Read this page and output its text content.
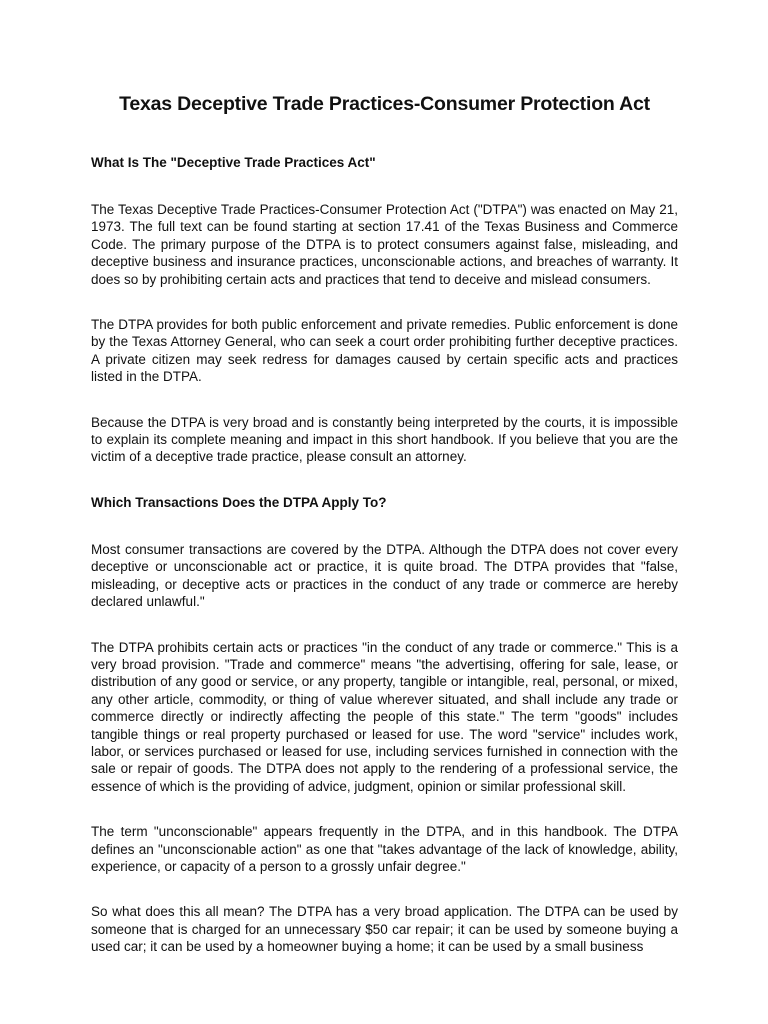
Texas Deceptive Trade Practices-Consumer Protection Act
What Is The "Deceptive Trade Practices Act"

The Texas Deceptive Trade Practices-Consumer Protection Act ("DTPA") was enacted on May 21, 1973. The full text can be found starting at section 17.41 of the Texas Business and Commerce Code. The primary purpose of the DTPA is to protect consumers against false, misleading, and deceptive business and insurance practices, unconscionable actions, and breaches of warranty. It does so by prohibiting certain acts and practices that tend to deceive and mislead consumers.

The DTPA provides for both public enforcement and private remedies. Public enforcement is done by the Texas Attorney General, who can seek a court order prohibiting further deceptive practices. A private citizen may seek redress for damages caused by certain specific acts and practices listed in the DTPA.

Because the DTPA is very broad and is constantly being interpreted by the courts, it is impossible to explain its complete meaning and impact in this short handbook. If you believe that you are the victim of a deceptive trade practice, please consult an attorney.

Which Transactions Does the DTPA Apply To?

Most consumer transactions are covered by the DTPA. Although the DTPA does not cover every deceptive or unconscionable act or practice, it is quite broad. The DTPA provides that "false, misleading, or deceptive acts or practices in the conduct of any trade or commerce are hereby declared unlawful."

The DTPA prohibits certain acts or practices "in the conduct of any trade or commerce." This is a very broad provision. "Trade and commerce" means "the advertising, offering for sale, lease, or distribution of any good or service, or any property, tangible or intangible, real, personal, or mixed, any other article, commodity, or thing of value wherever situated, and shall include any trade or commerce directly or indirectly affecting the people of this state." The term "goods" includes tangible things or real property purchased or leased for use. The word "service" includes work, labor, or services purchased or leased for use, including services furnished in connection with the sale or repair of goods. The DTPA does not apply to the rendering of a professional service, the essence of which is the providing of advice, judgment, opinion or similar professional skill.

The term "unconscionable" appears frequently in the DTPA, and in this handbook. The DTPA defines an "unconscionable action" as one that "takes advantage of the lack of knowledge, ability, experience, or capacity of a person to a grossly unfair degree."

So what does this all mean? The DTPA has a very broad application. The DTPA can be used by someone that is charged for an unnecessary $50 car repair; it can be used by someone buying a used car; it can be used by a homeowner buying a home; it can be used by a small business
